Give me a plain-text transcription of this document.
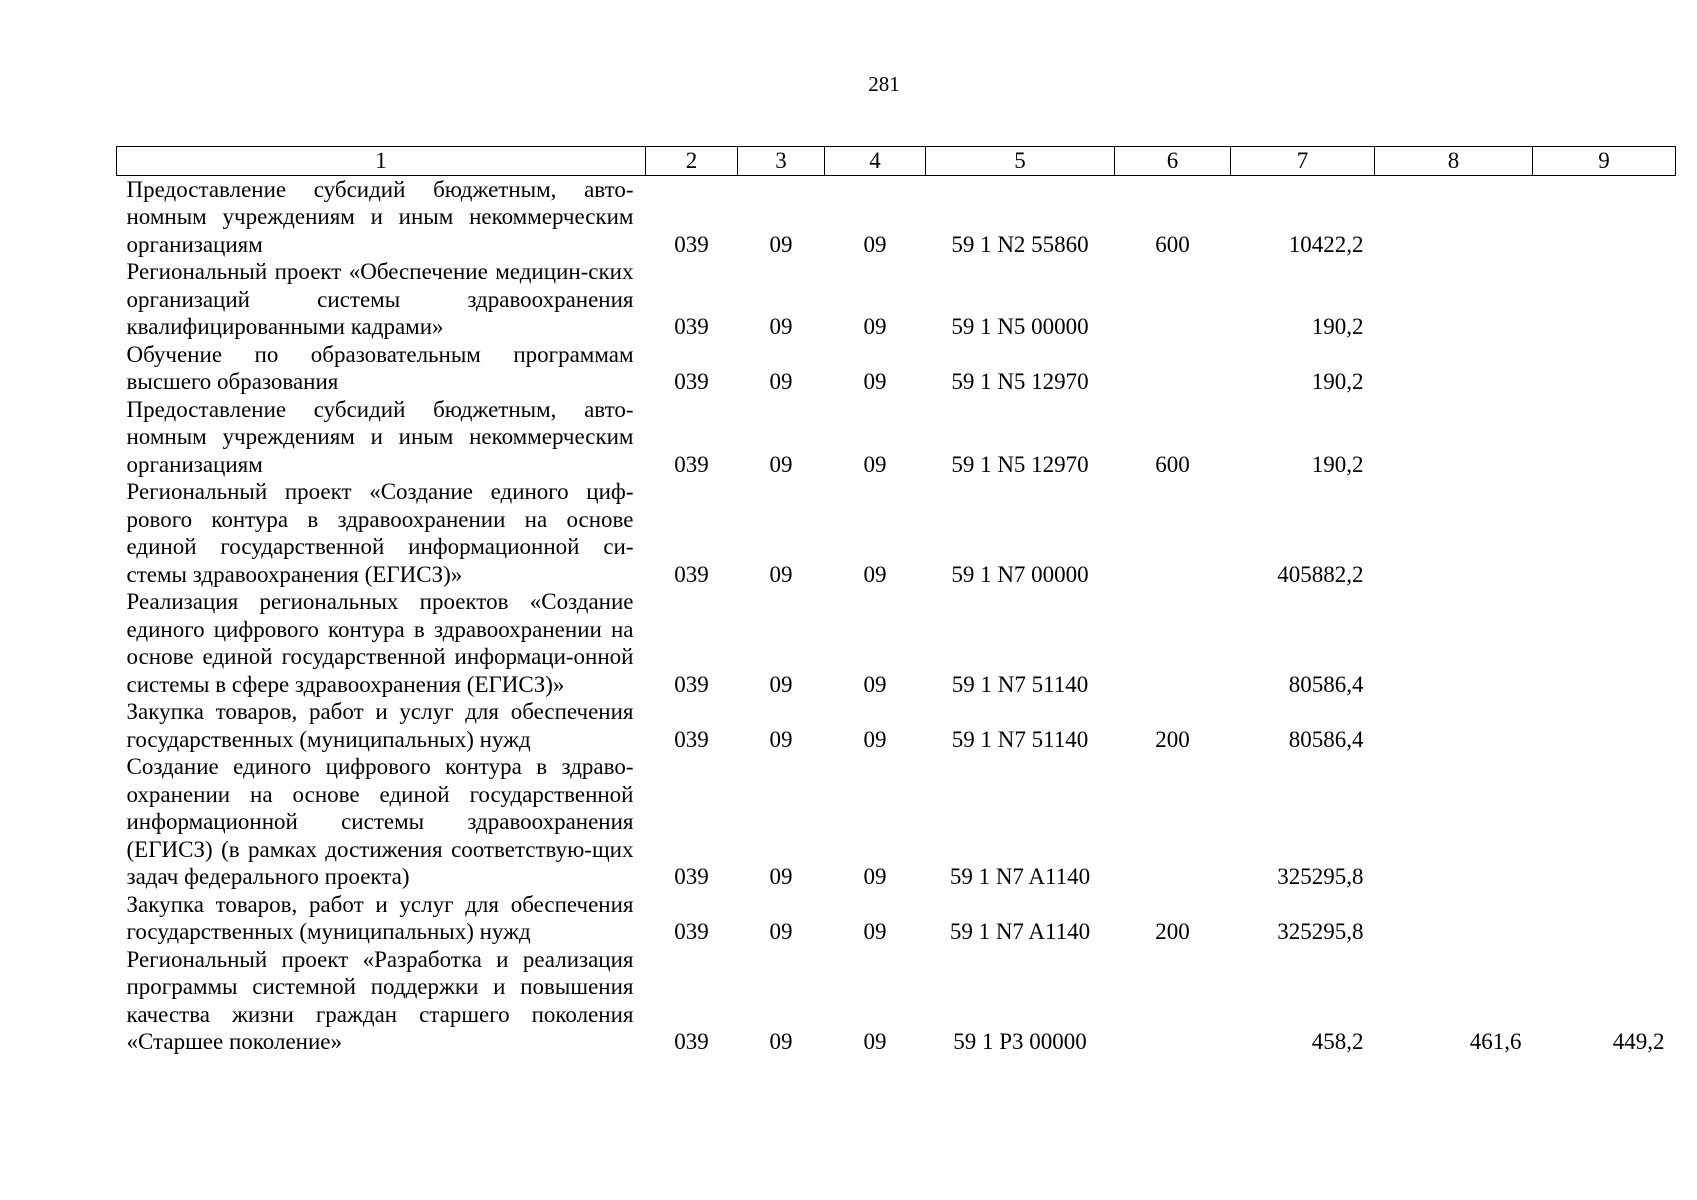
281
1	2	3	4	5	6	7	8	9
Предоставление субсидий бюджетным, авто-номным учреждениям и иным некоммерческим организациям	039	09	09	59 1 N2 55860	600	10422,2		
Региональный проект «Обеспечение медицин-ских организаций системы здравоохранения квалифицированными кадрами»	039	09	09	59 1 N5 00000		190,2		
Обучение по образовательным программам высшего образования	039	09	09	59 1 N5 12970		190,2		
Предоставление субсидий бюджетным, авто-номным учреждениям и иным некоммерческим организациям	039	09	09	59 1 N5 12970	600	190,2		
Региональный проект «Создание единого циф-рового контура в здравоохранении на основе единой государственной информационной си-стемы здравоохранения (ЕГИСЗ)»	039	09	09	59 1 N7 00000		405882,2		
Реализация региональных проектов «Создание единого цифрового контура в здравоохранении на основе единой государственной информаци-онной системы в сфере здравоохранения (ЕГИСЗ)»	039	09	09	59 1 N7 51140		80586,4		
Закупка товаров, работ и услуг для обеспечения государственных (муниципальных) нужд	039	09	09	59 1 N7 51140	200	80586,4		
Создание единого цифрового контура в здраво-охранении на основе единой государственной информационной системы здравоохранения (ЕГИСЗ) (в рамках достижения соответствую-щих задач федерального проекта)	039	09	09	59 1 N7 A1140		325295,8		
Закупка товаров, работ и услуг для обеспечения государственных (муниципальных) нужд	039	09	09	59 1 N7 A1140	200	325295,8		
Региональный проект «Разработка и реализация программы системной поддержки и повышения качества жизни граждан старшего поколения «Старшее поколение»	039	09	09	59 1 P3 00000		458,2	461,6	449,2
